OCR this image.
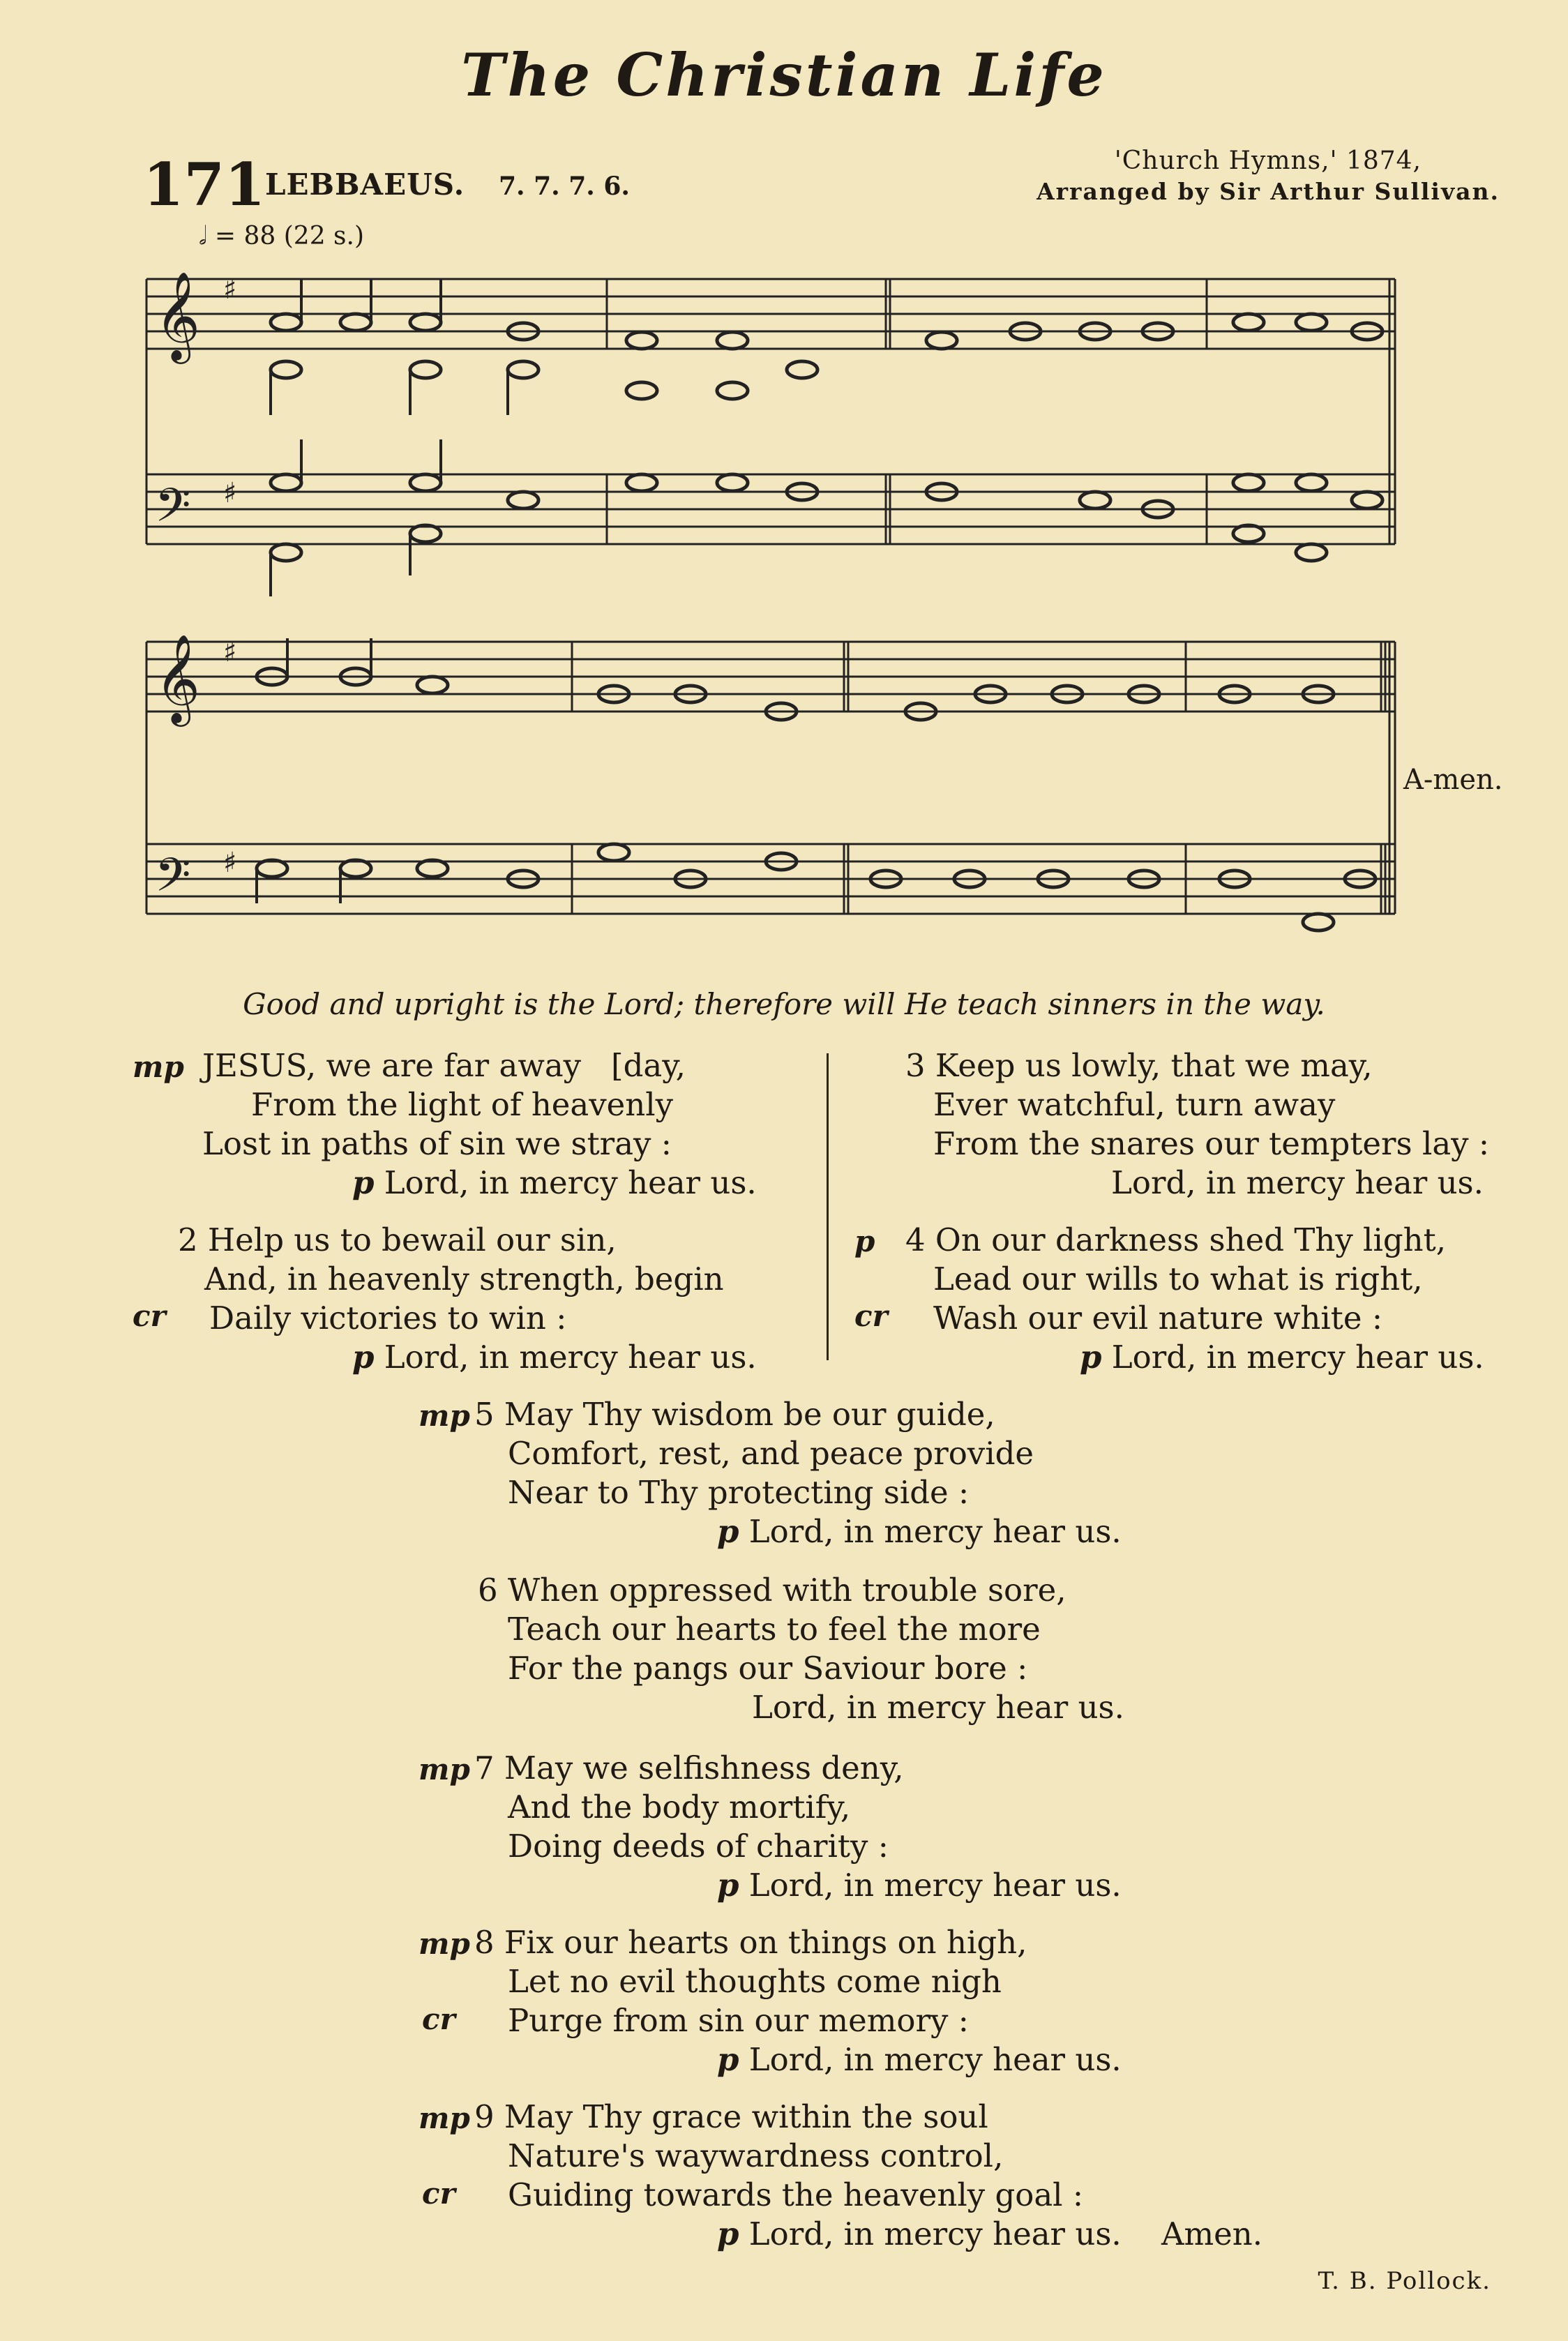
The Christian Life
171 LEBBAEUS. 7. 7. 7. 6.
'Church Hymns,' 1874,
Arranged by Sir Arthur Sullivan.
𝅗𝅥 = 88 (22 s.)
𝄞
𝄢
𝄞
𝄢
♯
♯
♯
♯
A-men.
Good and upright is the Lord; therefore will He teach sinners in the way.
mp JESUS, we are far away   [day,
From the light of heavenly
Lost in paths of sin we stray :
p Lord, in mercy hear us.
2 Help us to bewail our sin,
And, in heavenly strength, begin
Daily victories to win :
p Lord, in mercy hear us.
cr
3 Keep us lowly, that we may,
Ever watchful, turn away
From the snares our tempters lay :
Lord, in mercy hear us.
p 4 On our darkness shed Thy light,
Lead our wills to what is right,
Wash our evil nature white :
p Lord, in mercy hear us.
cr
mp 5 May Thy wisdom be our guide,
Comfort, rest, and peace provide
Near to Thy protecting side :
p Lord, in mercy hear us.
6 When oppressed with trouble sore,
Teach our hearts to feel the more
For the pangs our Saviour bore :
Lord, in mercy hear us.
mp 7 May we selfishness deny,
And the body mortify,
Doing deeds of charity :
p Lord, in mercy hear us.
mp 8 Fix our hearts on things on high,
Let no evil thoughts come nigh
Purge from sin our memory :
p Lord, in mercy hear us.
cr
mp 9 May Thy grace within the soul
Nature's waywardness control,
Guiding towards the heavenly goal :
p Lord, in mercy hear us.    Amen.
cr
T. B. Pollock.
